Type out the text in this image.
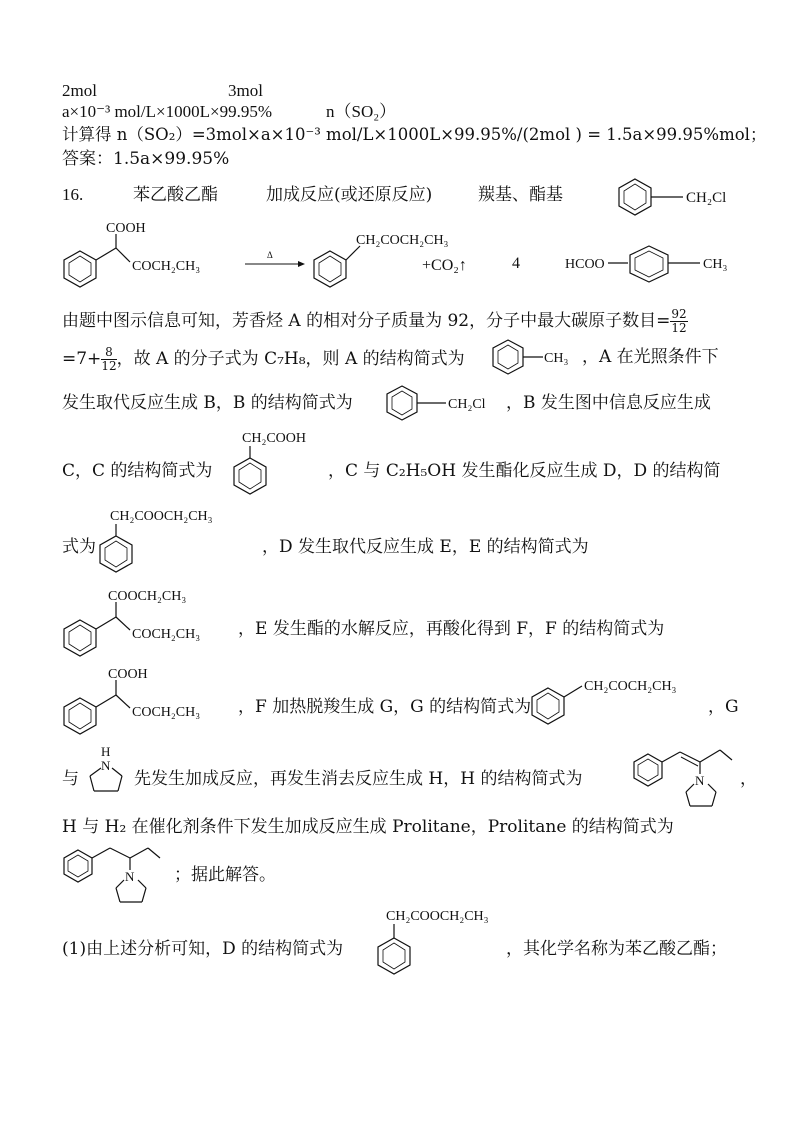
2mol	3mol
a×10⁻³ mol/L×1000L×99.95%	n（SO₂）
计算得 n（SO₂）=3mol×a×10⁻³ mol/L×1000L×99.95%/(2mol ) = 1.5a×99.95%mol；
答案：1.5a×99.95%
16.	苯乙酸乙酯	加成反应(或还原反应)	羰基、酯基	CH₂Cl
COOH
COCH₂CH₃
Δ
CH₂COCH₂CH₃
+CO₂↑	4	HCOO	CH₃
由题中图示信息可知，芳香烃 A 的相对分子质量为 92，分子中最大碳原子数目= $\frac{92}{12}$
$=7+ \frac{8}{12}$ ，故 A 的分子式为 C₇H₈，则 A 的结构简式为	CH₃ ，A 在光照条件下
发生取代反应生成 B，B 的结构简式为	CH₂Cl ，B 发生图中信息反应生成
C，C 的结构简式为
CH₂COOH
，C 与 C₂H₅OH 发生酯化反应生成 D，D 的结构简
CH₂COOCH₂CH₃
式为	，D 发生取代反应生成 E，E 的结构简式为
COOCH₂CH₃
COCH₂CH₃ ，E 发生酯的水解反应，再酸化得到 F，F 的结构简式为
COOH
COCH₂CH₃ ，F 加热脱羧生成 G，G 的结构简式为
CH₂COCH₂CH₃
，G
与
H
N
先发生加成反应，再发生消去反应生成 H，H 的结构简式为	N ，
H 与 H₂ 在催化剂条件下发生加成反应生成 Prolitane，Prolitane 的结构简式为
N ；据此解答。
(1)由上述分析可知，D 的结构简式为
CH₂COOCH₂CH₃
，其化学名称为苯乙酸乙酯；
